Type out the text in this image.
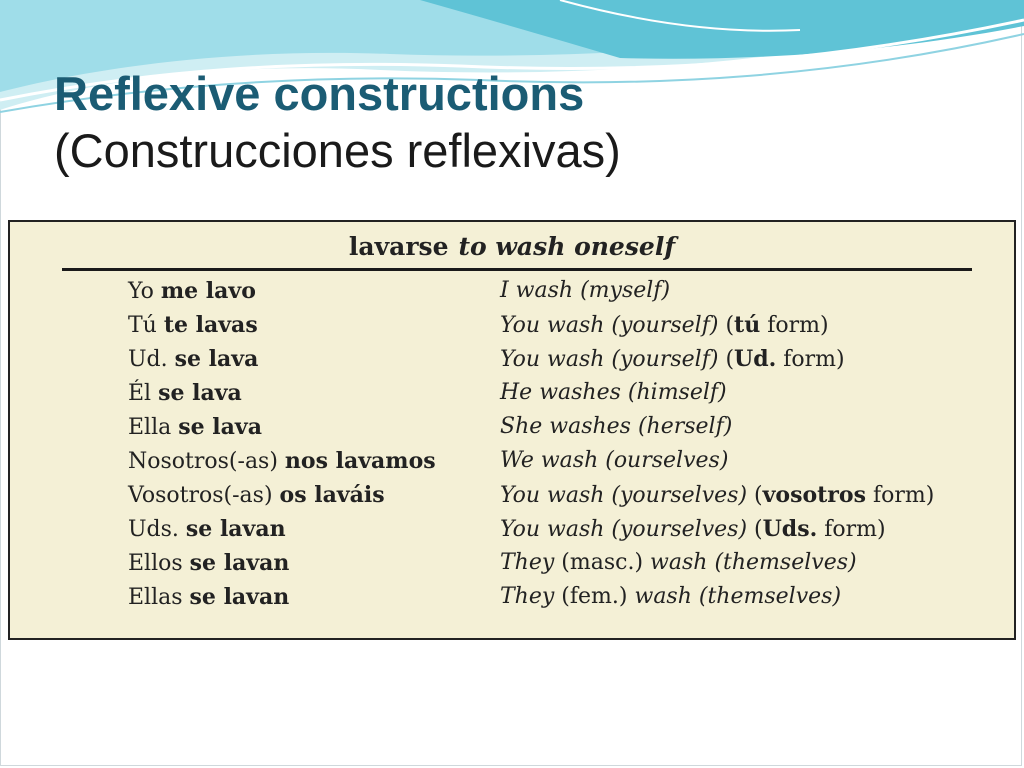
Reflexive constructions
(Construcciones reflexivas)
lavarse to wash oneself
Yo me lavo	I wash (myself)
Tú te lavas	You wash (yourself) (tú form)
Ud. se lava	You wash (yourself) (Ud. form)
Él se lava	He washes (himself)
Ella se lava	She washes (herself)
Nosotros(-as) nos lavamos	We wash (ourselves)
Vosotros(-as) os laváis	You wash (yourselves) (vosotros form)
Uds. se lavan	You wash (yourselves) (Uds. form)
Ellos se lavan	They (masc.) wash (themselves)
Ellas se lavan	They (fem.) wash (themselves)
